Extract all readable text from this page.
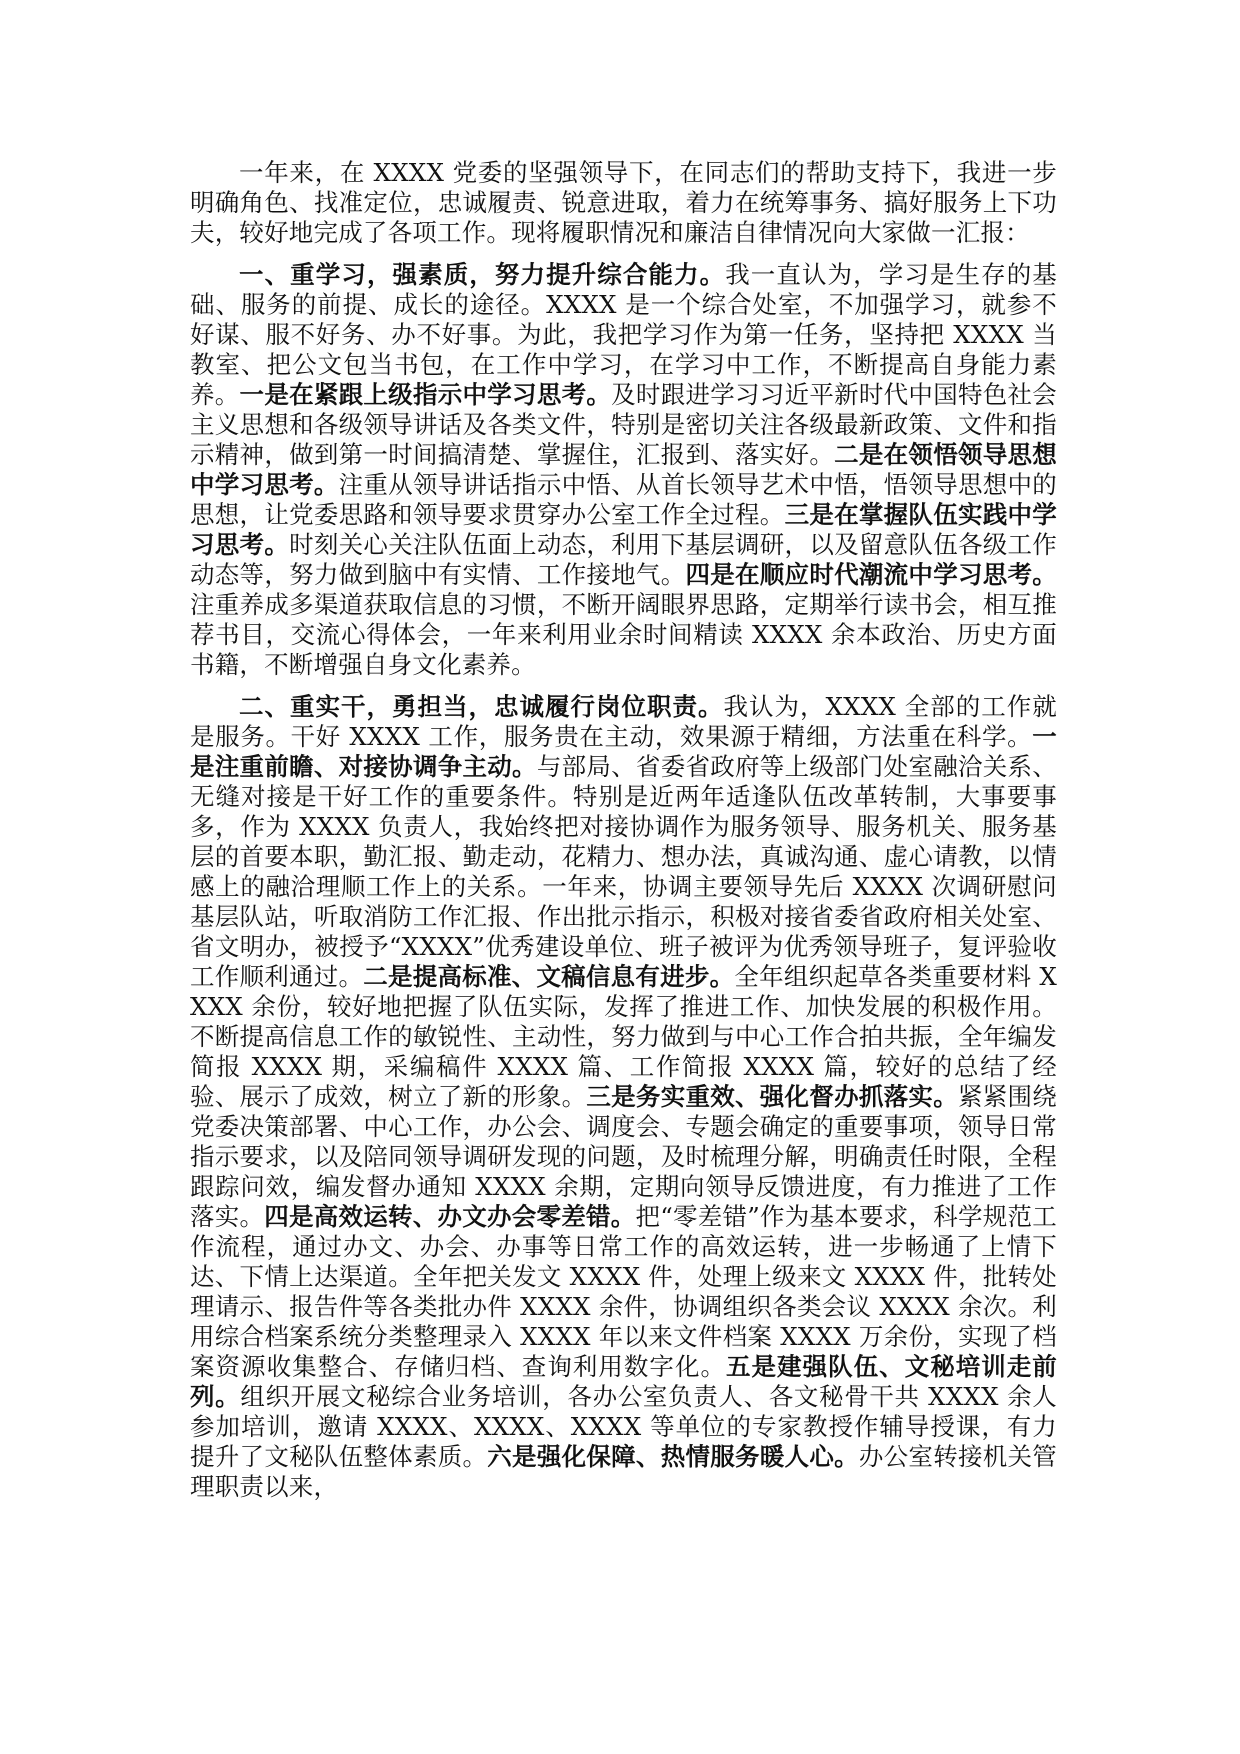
一年来，在 XXXX 党委的坚强领导下，在同志们的帮助支持下，我进一步明确角色、找准定位，忠诚履责、锐意进取，着力在统筹事务、搞好服务上下功夫，较好地完成了各项工作。现将履职情况和廉洁自律情况向大家做一汇报：

一、重学习，强素质，努力提升综合能力。我一直认为，学习是生存的基础、服务的前提、成长的途径。XXXX 是一个综合处室，不加强学习，就参不好谋、服不好务、办不好事。为此，我把学习作为第一任务，坚持把 XXXX 当教室、把公文包当书包，在工作中学习，在学习中工作，不断提高自身能力素养。一是在紧跟上级指示中学习思考。及时跟进学习习近平新时代中国特色社会主义思想和各级领导讲话及各类文件，特别是密切关注各级最新政策、文件和指示精神，做到第一时间搞清楚、掌握住，汇报到、落实好。二是在领悟领导思想中学习思考。注重从领导讲话指示中悟、从首长领导艺术中悟，悟领导思想中的思想，让党委思路和领导要求贯穿办公室工作全过程。三是在掌握队伍实践中学习思考。时刻关心关注队伍面上动态，利用下基层调研，以及留意队伍各级工作动态等，努力做到脑中有实情、工作接地气。四是在顺应时代潮流中学习思考。注重养成多渠道获取信息的习惯，不断开阔眼界思路，定期举行读书会，相互推荐书目，交流心得体会，一年来利用业余时间精读 XXXX 余本政治、历史方面书籍，不断增强自身文化素养。

二、重实干，勇担当，忠诚履行岗位职责。我认为，XXXX 全部的工作就是服务。干好 XXXX 工作，服务贵在主动，效果源于精细，方法重在科学。一是注重前瞻、对接协调争主动。与部局、省委省政府等上级部门处室融洽关系、无缝对接是干好工作的重要条件。特别是近两年适逢队伍改革转制，大事要事多，作为 XXXX 负责人，我始终把对接协调作为服务领导、服务机关、服务基层的首要本职，勤汇报、勤走动，花精力、想办法，真诚沟通、虚心请教，以情感上的融洽理顺工作上的关系。一年来，协调主要领导先后 XXXX 次调研慰问基层队站，听取消防工作汇报、作出批示指示，积极对接省委省政府相关处室、省文明办，被授予“XXXX”优秀建设单位、班子被评为优秀领导班子，复评验收工作顺利通过。二是提高标准、文稿信息有进步。全年组织起草各类重要材料 XXXX 余份，较好地把握了队伍实际，发挥了推进工作、加快发展的积极作用。不断提高信息工作的敏锐性、主动性，努力做到与中心工作合拍共振，全年编发简报 XXXX 期，采编稿件 XXXX 篇、工作简报 XXXX 篇，较好的总结了经验、展示了成效，树立了新的形象。三是务实重效、强化督办抓落实。紧紧围绕党委决策部署、中心工作，办公会、调度会、专题会确定的重要事项，领导日常指示要求，以及陪同领导调研发现的问题，及时梳理分解，明确责任时限，全程跟踪问效，编发督办通知 XXXX 余期，定期向领导反馈进度，有力推进了工作落实。四是高效运转、办文办会零差错。把“零差错”作为基本要求，科学规范工作流程，通过办文、办会、办事等日常工作的高效运转，进一步畅通了上情下达、下情上达渠道。全年把关发文 XXXX 件，处理上级来文 XXXX 件，批转处理请示、报告件等各类批办件 XXXX 余件，协调组织各类会议 XXXX 余次。利用综合档案系统分类整理录入 XXXX 年以来文件档案 XXXX 万余份，实现了档案资源收集整合、存储归档、查询利用数字化。五是建强队伍、文秘培训走前列。组织开展文秘综合业务培训，各办公室负责人、各文秘骨干共 XXXX 余人参加培训，邀请 XXXX、XXXX、XXXX 等单位的专家教授作辅导授课，有力提升了文秘队伍整体素质。六是强化保障、热情服务暖人心。办公室转接机关管理职责以来，
